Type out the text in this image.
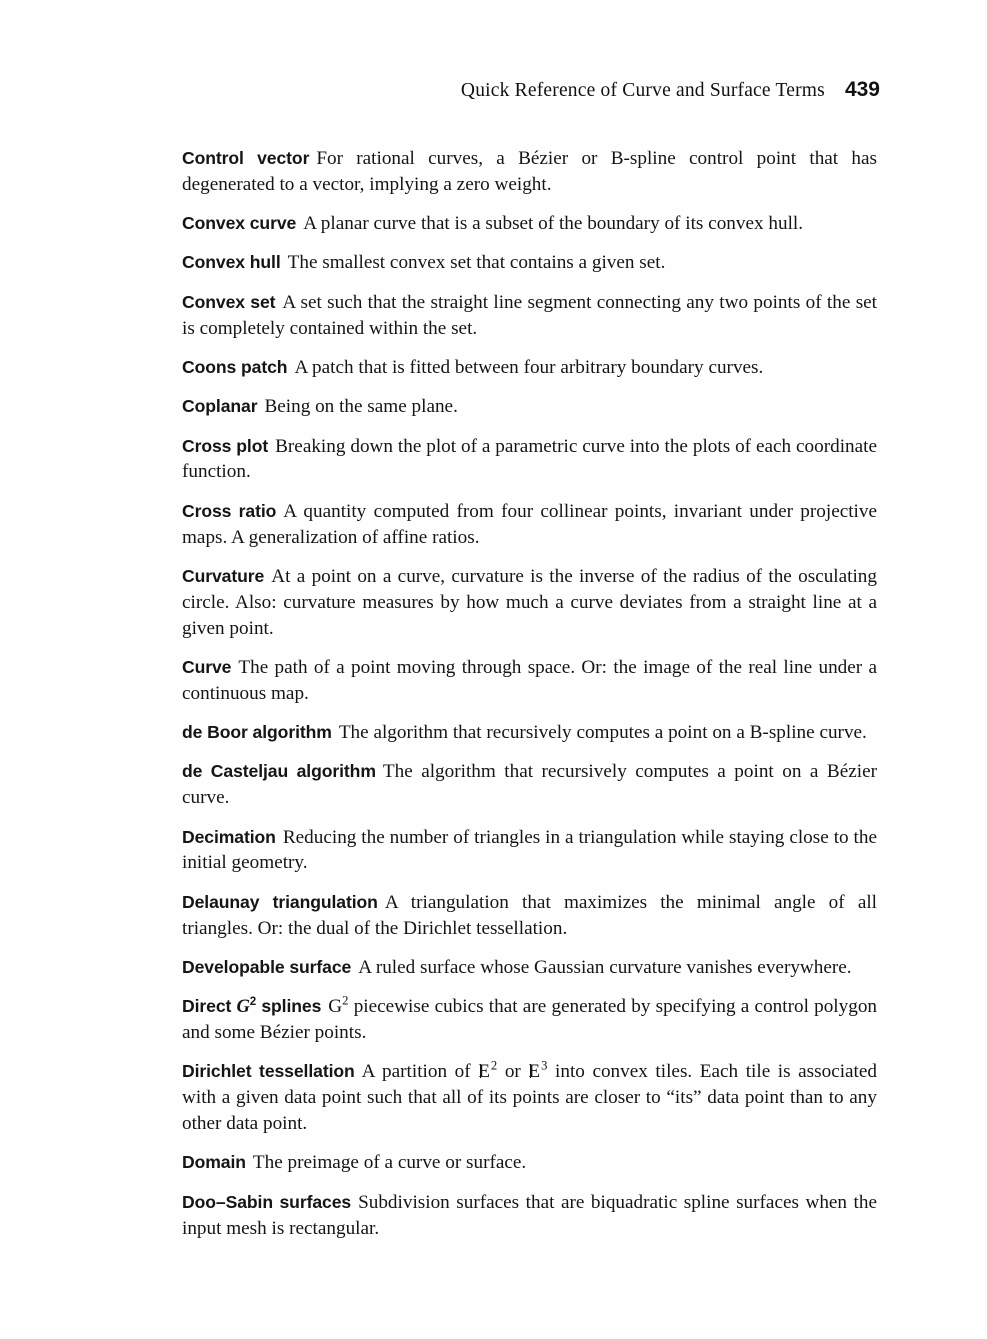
Quick Reference of Curve and Surface Terms 439
Control vector For rational curves, a Bézier or B-spline control point that has degenerated to a vector, implying a zero weight.
Convex curve A planar curve that is a subset of the boundary of its convex hull.
Convex hull The smallest convex set that contains a given set.
Convex set A set such that the straight line segment connecting any two points of the set is completely contained within the set.
Coons patch A patch that is fitted between four arbitrary boundary curves.
Coplanar Being on the same plane.
Cross plot Breaking down the plot of a parametric curve into the plots of each coordinate function.
Cross ratio A quantity computed from four collinear points, invariant under projective maps. A generalization of affine ratios.
Curvature At a point on a curve, curvature is the inverse of the radius of the osculating circle. Also: curvature measures by how much a curve deviates from a straight line at a given point.
Curve The path of a point moving through space. Or: the image of the real line under a continuous map.
de Boor algorithm The algorithm that recursively computes a point on a B-spline curve.
de Casteljau algorithm The algorithm that recursively computes a point on a Bézier curve.
Decimation Reducing the number of triangles in a triangulation while staying close to the initial geometry.
Delaunay triangulation A triangulation that maximizes the minimal angle of all triangles. Or: the dual of the Dirichlet tessellation.
Developable surface A ruled surface whose Gaussian curvature vanishes everywhere.
Direct $G^2$ splines $G^2$ piecewise cubics that are generated by specifying a control polygon and some Bézier points.
Dirichlet tessellation A partition of E $^2$ or E $^3$ into convex tiles. Each tile is associated with a given data point such that all of its points are closer to “its” data point than to any other data point.
Domain The preimage of a curve or surface.
Doo–Sabin surfaces Subdivision surfaces that are biquadratic spline surfaces when the input mesh is rectangular.
